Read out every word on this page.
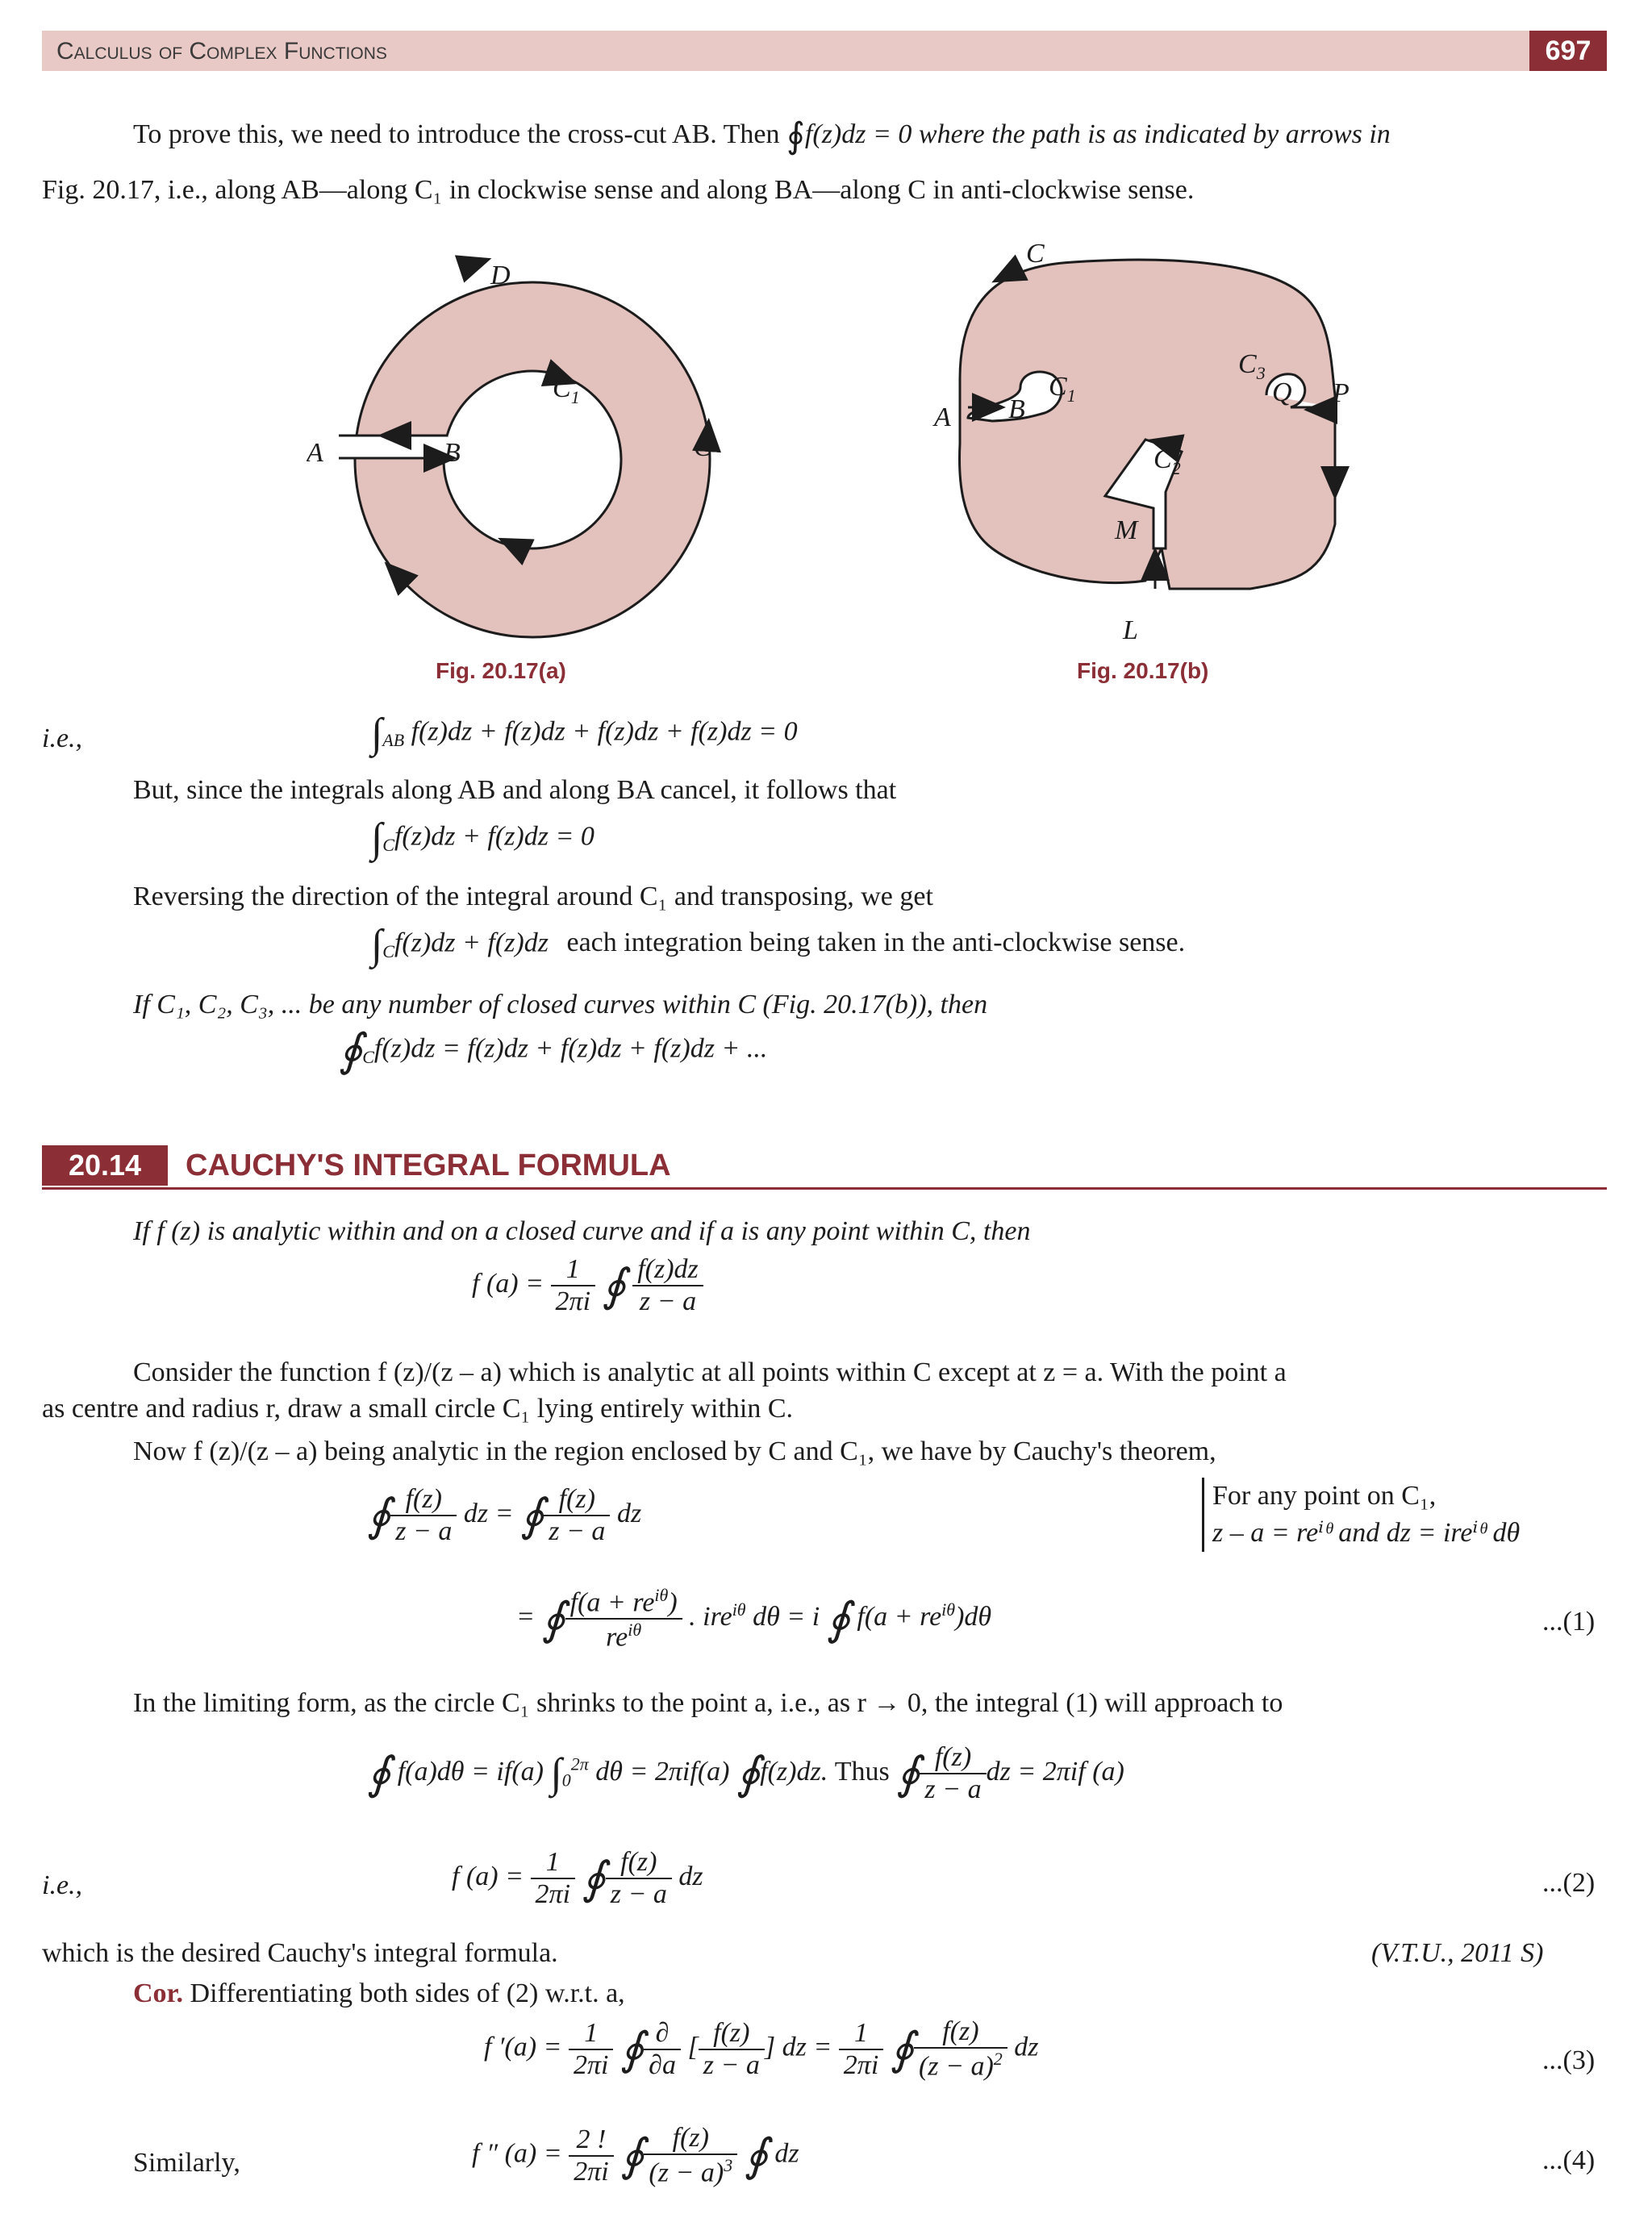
Calculus of Complex Functions	697
To prove this, we need to introduce the cross-cut AB. Then ∮f(z)dz = 0 where the path is as indicated by arrows in
Fig. 20.17, i.e., along AB—along C₁ in clockwise sense and along BA—along C in anti-clockwise sense.
D
$C_1$
A	B	C
Fig. 20.17(a)
C
A B
$C_1$
$C_2$
$C_3$
Q P
M
L
Fig. 20.17(b)
i.e.,	$\int_{AB}$ f(z)dz + f(z)dz + f(z)dz + f(z)dz = 0
But, since the integrals along AB and along BA cancel, it follows that
$\int_Cf(z)dz + f(z)dz = 0$
Reversing the direction of the integral around C₁ and transposing, we get
$\int_Cf(z)dz + f(z)dz$ each integration being taken in the anti-clockwise sense.
If C₁, C₂, C₃, ... be any number of closed curves within C (Fig. 20.17(b)), then
$∮_Cf(z)dz = f(z)dz + f(z)dz + f(z)dz$ + ...
20.14	CAUCHY'S INTEGRAL FORMULA
If f (z) is analytic within and on a closed curve and if a is any point within C, then
f $(a) = \frac{1}{2\pi i}$ ∮ $\frac{f(z)dz}{z - a}$
Consider the function f (z)/(z – a) which is analytic at all points within C except at z = a. With the point a
as centre and radius r, draw a small circle C₁ lying entirely within C.
Now f (z)/(z – a) being analytic in the region enclosed by C and C₁, we have by Cauchy's theorem,
∮ $\frac{f(z)}{z - a}$ dz = ∮ $\frac{f(z)}{z - a}$ dz
For any point on C₁,
z – a = reⁱᶿ and dz = ireⁱᶿ dθ
= ∮ $\frac{f(a + re^{i\theta})}{re^{i\theta}}$ . ire$^{i\theta}$ dθ = i ∮ $f(a + re^{i\theta})d\theta$	...(1)
In the limiting form, as the circle C₁ shrinks to the point a, i.e., as r → 0, the integral (1) will approach to
∮ f(a)dθ = if(a) $\int_0^{2\pi}$ dθ = 2πif(a) ∮f(z)dz. Thus ∮ $\frac{f(z)}{z - a}$ dz = 2πif (a)
i.e.,	f $(a) = \frac{1}{2\pi i}$ ∮ $\frac{f(z)}{z - a}$ dz	...(2)
which is the desired Cauchy's integral formula.	(V.T.U., 2011 S)
Cor. Differentiating both sides of (2) w.r.t. a,
f $'(a) = \frac{1}{2\pi i}$ ∮ $\frac{\partial}{\partial a}$ [ $\frac{f(z)}{z - a}$ ] dz = $\frac{1}{2\pi i}$ ∮ $\frac{f(z)}{(z - a)^2}$ dz	...(3)
Similarly,	f ″ $(a) = \frac{2 !}{2\pi i}$ ∮ $\frac{f(z)}{(z - a)^3}$ ∮ dz	...(4)
